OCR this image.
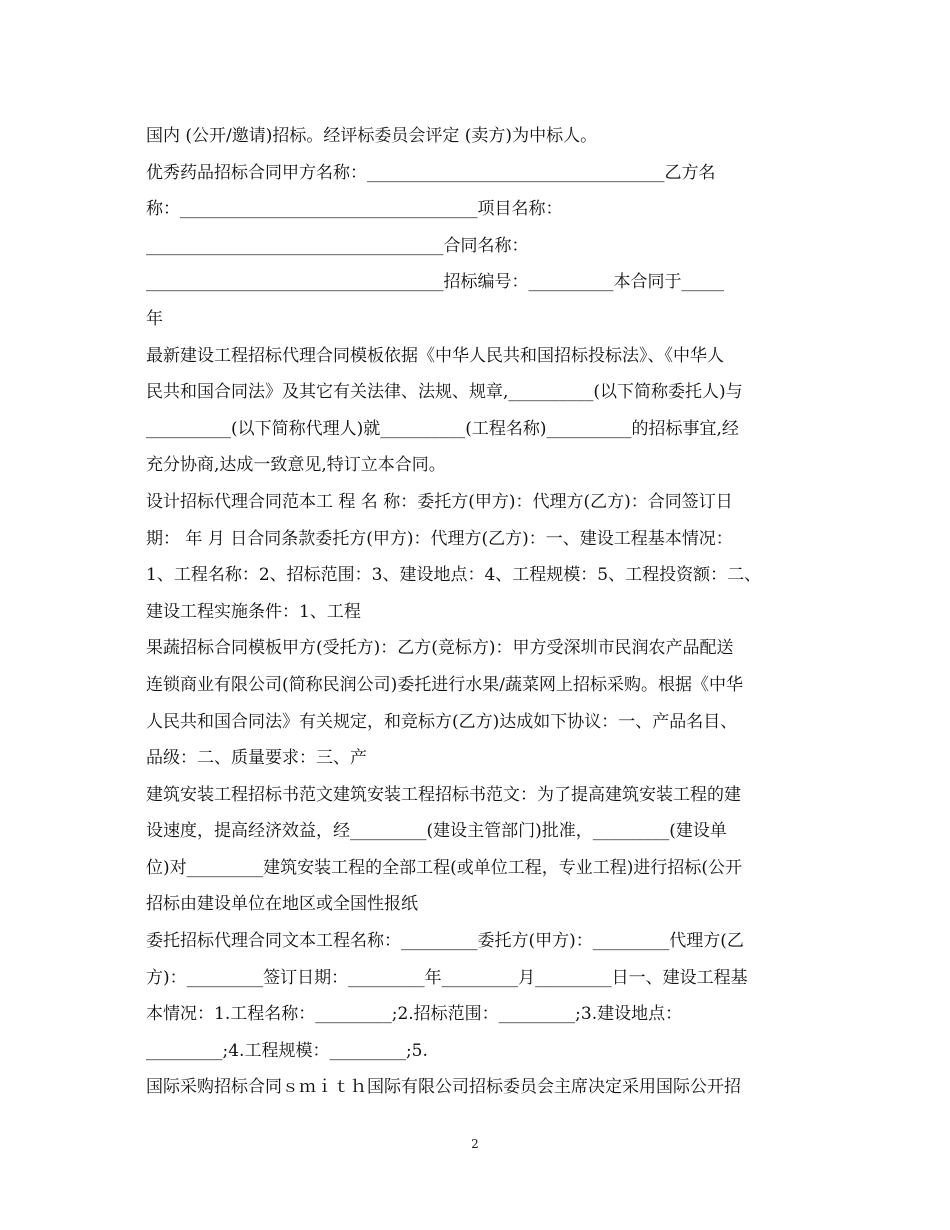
国内 (公开/邀请)招标。经评标委员会评定 (卖方)为中标人。
优秀药品招标合同甲方名称：___________________________________乙方名
称：___________________________________项目名称：
___________________________________合同名称：
___________________________________招标编号：__________本合同于_____
年
最新建设工程招标代理合同模板依据《中华人民共和国招标投标法》、《中华人
民共和国合同法》及其它有关法律、法规、规章,__________(以下简称委托人)与
__________(以下简称代理人)就__________(工程名称)__________的招标事宜,经
充分协商,达成一致意见,特订立本合同。
设计招标代理合同范本工 程 名 称：委托方(甲方)：代理方(乙方)：合同签订日
期： 年 月 日合同条款委托方(甲方)：代理方(乙方)：一、建设工程基本情况：
1、工程名称：2、招标范围：3、建设地点：4、工程规模：5、工程投资额：二、
建设工程实施条件：1、工程
果蔬招标合同模板甲方(受托方)：乙方(竞标方)：甲方受深圳市民润农产品配送
连锁商业有限公司(简称民润公司)委托进行水果/蔬菜网上招标采购。根据《中华
人民共和国合同法》有关规定，和竞标方(乙方)达成如下协议：一、产品名目、
品级：二、质量要求：三、产
建筑安装工程招标书范文建筑安装工程招标书范文：为了提高建筑安装工程的建
设速度，提高经济效益，经_________(建设主管部门)批准，_________(建设单
位)对_________建筑安装工程的全部工程(或单位工程，专业工程)进行招标(公开
招标由建设单位在地区或全国性报纸
委托招标代理合同文本工程名称：_________委托方(甲方)：_________代理方(乙
方)：_________签订日期：_________年_________月_________日一、建设工程基
本情况：1.工程名称：_________;2.招标范围：_________;3.建设地点：
_________;4.工程规模：_________;5.
国际采购招标合同ｓｍｉｔｈ国际有限公司招标委员会主席决定采用国际公开招
2
